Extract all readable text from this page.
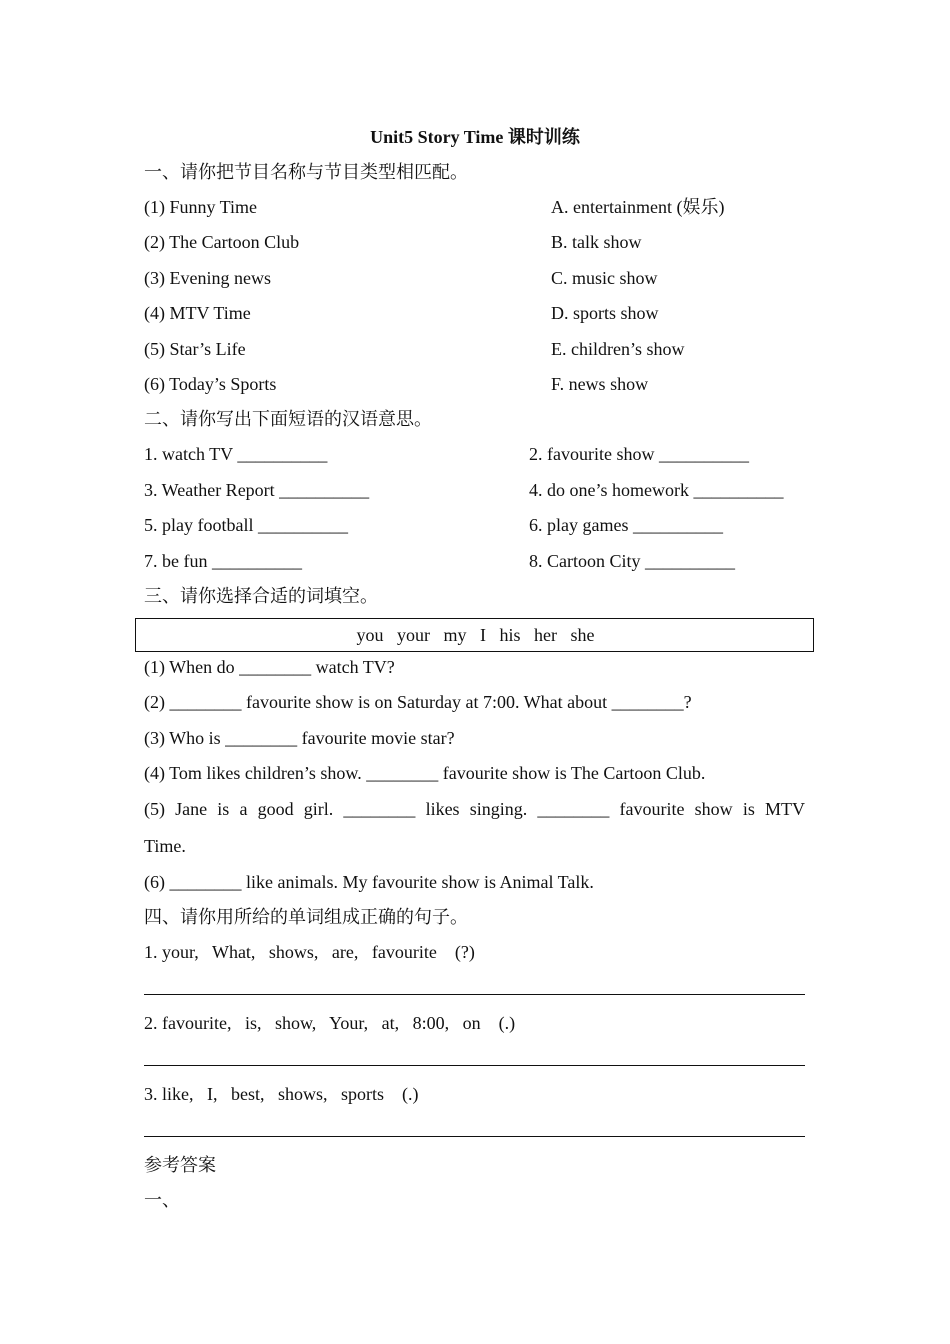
Unit5 Story Time 课时训练
一、请你把节目名称与节目类型相匹配。
(1) Funny Time	A. entertainment (娱乐)
(2) The Cartoon Club	B. talk show
(3) Evening news	C. music show
(4) MTV Time	D. sports show
(5) Star’s Life	E. children’s show
(6) Today’s Sports	F. news show
二、请你写出下面短语的汉语意思。
1. watch TV __________	2. favourite show __________
3. Weather Report __________	4. do one’s homework __________
5. play football __________	6. play games __________
7. be fun __________	8. Cartoon City __________
三、请你选择合适的词填空。
you   your   my   I   his   her   she
(1) When do ________ watch TV?
(2) ________ favourite show is on Saturday at 7:00. What about ________?
(3) Who is ________ favourite movie star?
(4) Tom likes children’s show. ________ favourite show is The Cartoon Club.
(5) Jane is a good girl. ________ likes singing. ________ favourite show is MTV
Time.
(6) ________ like animals. My favourite show is Animal Talk.
四、请你用所给的单词组成正确的句子。
1. your,   What,   shows,   are,   favourite    (?)
2. favourite,   is,   show,   Your,   at,   8:00,   on    (.)
3. like,   I,   best,   shows,   sports    (.)
参考答案
一、
